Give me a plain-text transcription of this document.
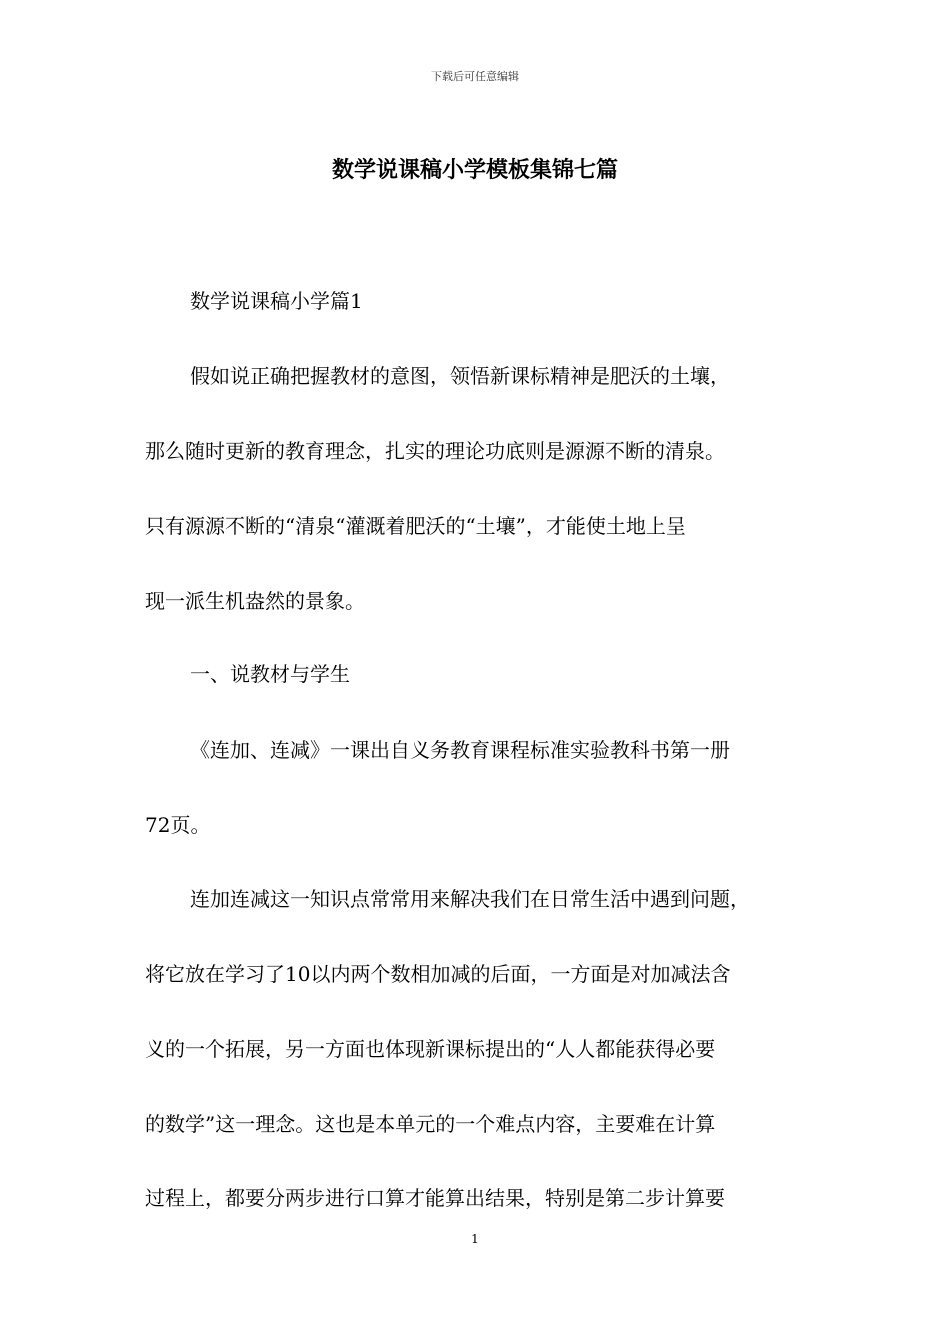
下载后可任意编辑
数学说课稿小学模板集锦七篇
数学说课稿小学篇1
假如说正确把握教材的意图，领悟新课标精神是肥沃的土壤，
那么随时更新的教育理念，扎实的理论功底则是源源不断的清泉。
只有源源不断的“清泉“灌溉着肥沃的“土壤”，才能使土地上呈
现一派生机盎然的景象。
一、说教材与学生
《连加、连减》一课出自义务教育课程标准实验教科书第一册
72页。
连加连减这一知识点常常用来解决我们在日常生活中遇到问题，
将它放在学习了10以内两个数相加减的后面，一方面是对加减法含
义的一个拓展，另一方面也体现新课标提出的“人人都能获得必要
的数学”这一理念。这也是本单元的一个难点内容，主要难在计算
过程上，都要分两步进行口算才能算出结果，特别是第二步计算要
1
